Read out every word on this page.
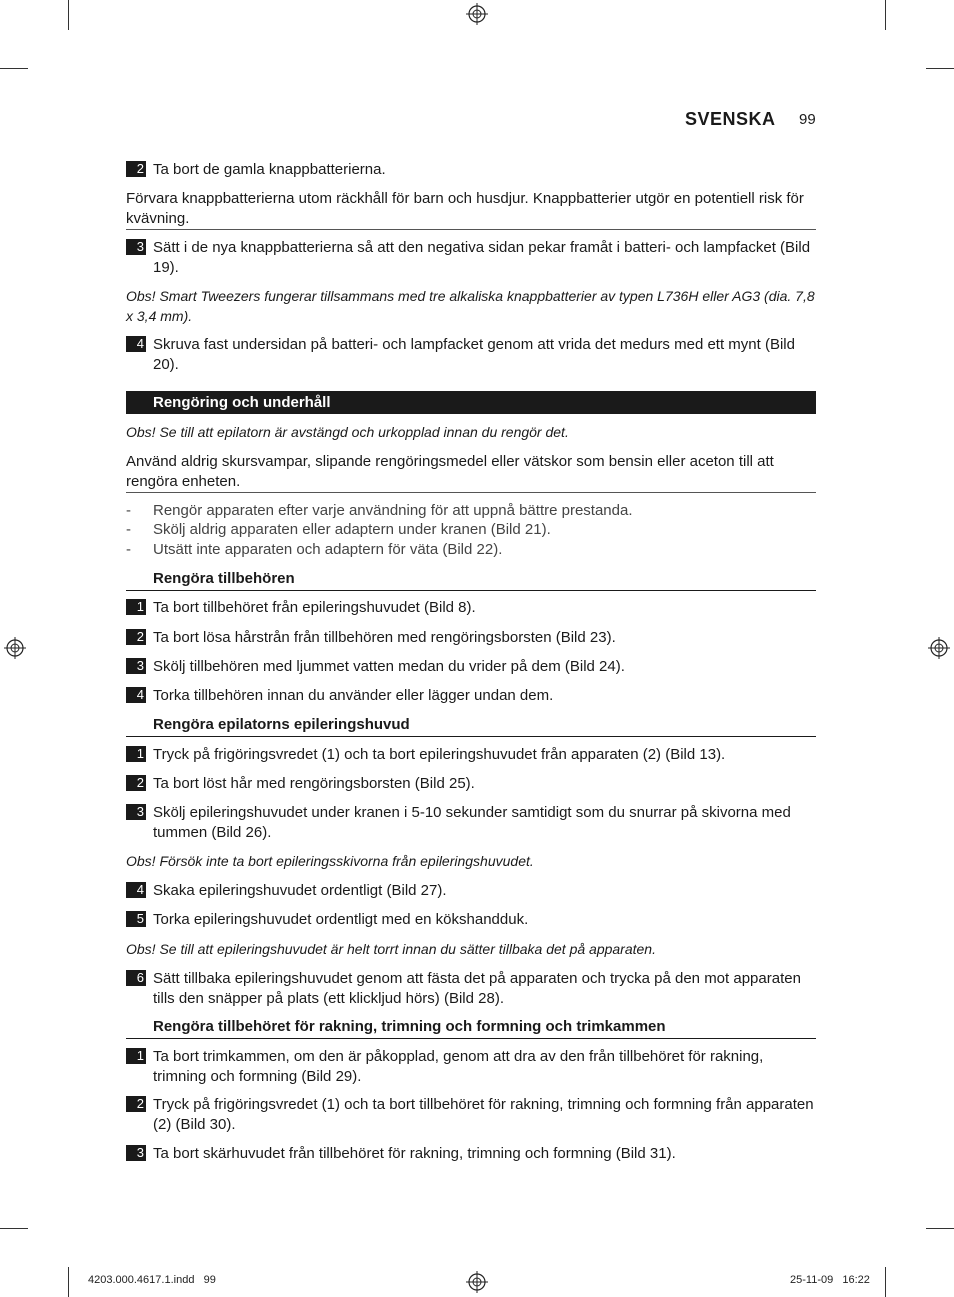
SVENSKA 99
2 Ta bort de gamla knappbatterierna.
Förvara knappbatterierna utom räckhåll för barn och husdjur. Knappbatterier utgör en potentiell risk för kvävning.
3 Sätt i de nya knappbatterierna så att den negativa sidan pekar framåt i batteri- och lampfacket (Bild 19).
Obs! Smart Tweezers fungerar tillsammans med tre alkaliska knappbatterier av typen L736H eller AG3 (dia. 7,8 x 3,4 mm).
4 Skruva fast undersidan på batteri- och lampfacket genom att vrida det medurs med ett mynt (Bild 20).
Rengöring och underhåll
Obs! Se till att epilatorn är avstängd och urkopplad innan du rengör det.
Använd aldrig skursvampar, slipande rengöringsmedel eller vätskor som bensin eller aceton till att rengöra enheten.
- Rengör apparaten efter varje användning för att uppnå bättre prestanda.
- Skölj aldrig apparaten eller adaptern under kranen (Bild 21).
- Utsätt inte apparaten och adaptern för väta (Bild 22).
Rengöra tillbehören
1 Ta bort tillbehöret från epileringshuvudet (Bild 8).
2 Ta bort lösa hårstrån från tillbehören med rengöringsborsten (Bild 23).
3 Skölj tillbehören med ljummet vatten medan du vrider på dem (Bild 24).
4 Torka tillbehören innan du använder eller lägger undan dem.
Rengöra epilatorns epileringshuvud
1 Tryck på frigöringsvredet (1) och ta bort epileringshuvudet från apparaten (2) (Bild 13).
2 Ta bort löst hår med rengöringsborsten (Bild 25).
3 Skölj epileringshuvudet under kranen i 5-10 sekunder samtidigt som du snurrar på skivorna med tummen (Bild 26).
Obs! Försök inte ta bort epileringsskivorna från epileringshuvudet.
4 Skaka epileringshuvudet ordentligt (Bild 27).
5 Torka epileringshuvudet ordentligt med en kökshandduk.
Obs! Se till att epileringshuvudet är helt torrt innan du sätter tillbaka det på apparaten.
6 Sätt tillbaka epileringshuvudet genom att fästa det på apparaten och trycka på den mot apparaten tills den snäpper på plats (ett klickljud hörs) (Bild 28).
Rengöra tillbehöret för rakning, trimning och formning och trimkammen
1 Ta bort trimkammen, om den är påkopplad, genom att dra av den från tillbehöret för rakning, trimning och formning (Bild 29).
2 Tryck på frigöringsvredet (1) och ta bort tillbehöret för rakning, trimning och formning från apparaten (2) (Bild 30).
3 Ta bort skärhuvudet från tillbehöret för rakning, trimning och formning (Bild 31).
4203.000.4617.1.indd   99	25-11-09   16:22
